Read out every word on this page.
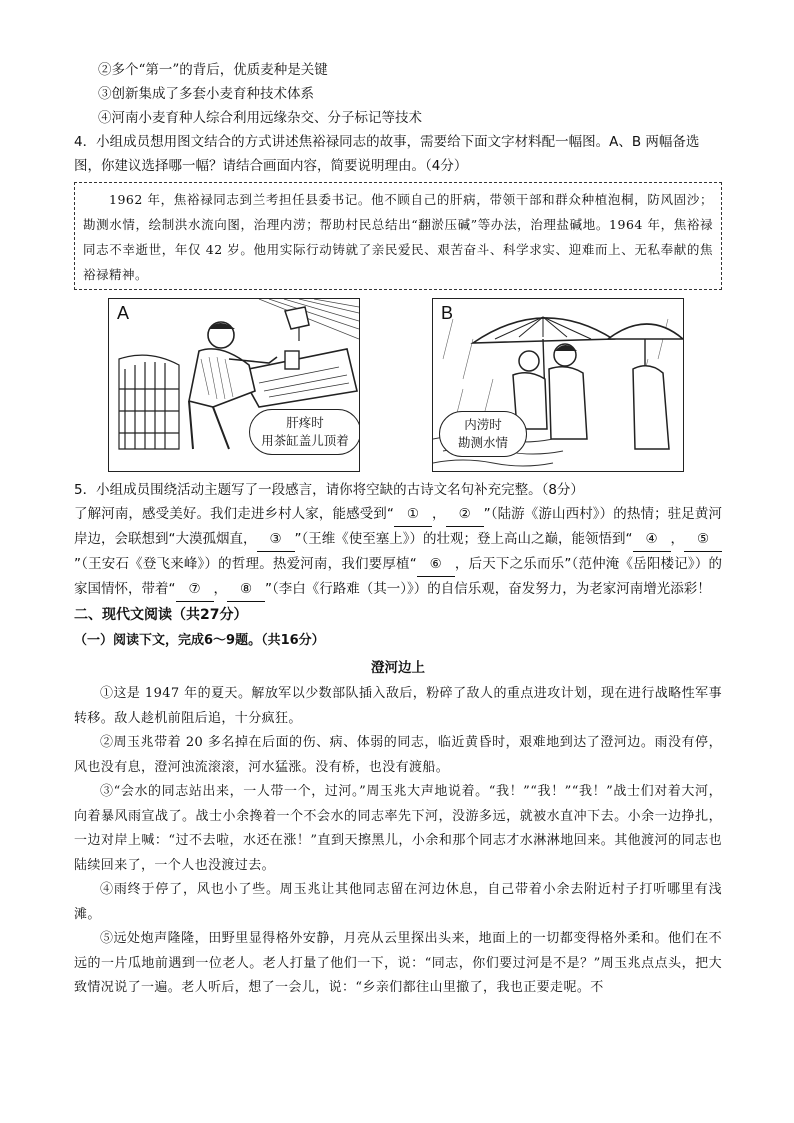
②多个“第一”的背后，优质麦种是关键
③创新集成了多套小麦育种技术体系
④河南小麦育种人综合利用远缘杂交、分子标记等技术
4．小组成员想用图文结合的方式讲述焦裕禄同志的故事，需要给下面文字材料配一幅图。A、B 两幅备选
图，你建议选择哪一幅？请结合画面内容，简要说明理由。（4分）

1962 年，焦裕禄同志到兰考担任县委书记。他不顾自己的肝病，带领干部和群众种植泡桐，防风固沙；勘测水情，绘制洪水流向图，治理内涝；帮助村民总结出“翻淤压碱”等办法，治理盐碱地。1964 年，焦裕禄同志不幸逝世，年仅 42 岁。他用实际行动铸就了亲民爱民、艰苦奋斗、科学求实、迎难而上、无私奉献的焦裕禄精神。

A
肝疼时
用茶缸盖儿顶着
B
内涝时
勘测水情
5．小组成员围绕活动主题写了一段感言，请你将空缺的古诗文名句补充完整。（8分）

了解河南，感受美好。我们走进乡村人家，能感受到“ ① ， ② ”（陆游《游山西村》）的热情；驻足黄河岸边，会联想到“大漠孤烟直， ③ ”（王维《使至塞上》）的壮观；登上高山之巅，能领悟到“ ④ ， ⑤”（王安石《登飞来峰》）的哲理。热爱河南，我们要厚植“ ⑥ ，后天下之乐而乐”（范仲淹《岳阳楼记》）的家国情怀，带着“ ⑦ ， ⑧ ”（李白《行路难（其一）》）的自信乐观，奋发努力，为老家河南增光添彩！

二、现代文阅读（共27分）
（一）阅读下文，完成6～9题。（共16分）
澄河边上

①这是 1947 年的夏天。解放军以少数部队插入敌后，粉碎了敌人的重点进攻计划，现在进行战略性军事转移。敌人趁机前阻后追，十分疯狂。

②周玉兆带着 20 多名掉在后面的伤、病、体弱的同志，临近黄昏时，艰难地到达了澄河边。雨没有停，风也没有息，澄河浊流滚滚，河水猛涨。没有桥，也没有渡船。

③“会水的同志站出来，一人带一个，过河。”周玉兆大声地说着。“我！”“我！”“我！”战士们对着大河，向着暴风雨宣战了。战士小余搀着一个不会水的同志率先下河，没游多远，就被水直冲下去。小余一边挣扎，一边对岸上喊：“过不去啦，水还在涨！”直到天擦黑儿，小余和那个同志才水淋淋地回来。其他渡河的同志也陆续回来了，一个人也没渡过去。

④雨终于停了，风也小了些。周玉兆让其他同志留在河边休息，自己带着小余去附近村子打听哪里有浅滩。

⑤远处炮声隆隆，田野里显得格外安静，月亮从云里探出头来，地面上的一切都变得格外柔和。他们在不远的一片瓜地前遇到一位老人。老人打量了他们一下，说：“同志，你们要过河是不是？”周玉兆点点头，把大致情况说了一遍。老人听后，想了一会儿，说：“乡亲们都往山里撤了，我也正要走呢。不
